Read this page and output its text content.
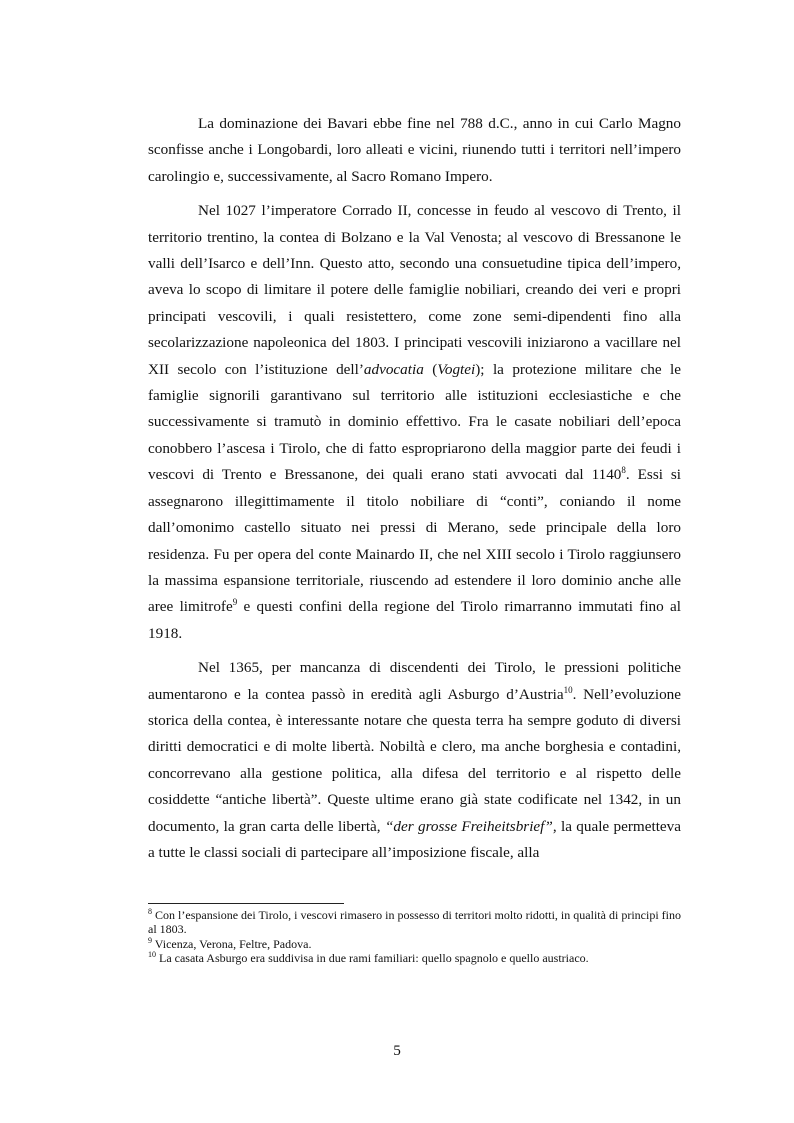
La dominazione dei Bavari ebbe fine nel 788 d.C., anno in cui Carlo Magno sconfisse anche i Longobardi, loro alleati e vicini, riunendo tutti i territori nell’impero carolingio e, successivamente, al Sacro Romano Impero.

Nel 1027 l’imperatore Corrado II, concesse in feudo al vescovo di Trento, il territorio trentino, la contea di Bolzano e la Val Venosta; al vescovo di Bressanone le valli dell’Isarco e dell’Inn. Questo atto, secondo una consuetudine tipica dell’impero, aveva lo scopo di limitare il potere delle famiglie nobiliari, creando dei veri e propri principati vescovili, i quali resistettero, come zone semi-dipendenti fino alla secolarizzazione napoleonica del 1803. I principati vescovili iniziarono a vacillare nel XII secolo con l’istituzione dell’advocatia (Vogtei); la protezione militare che le famiglie signorili garantivano sul territorio alle istituzioni ecclesiastiche e che successivamente si tramutò in dominio effettivo. Fra le casate nobiliari dell’epoca conobbero l’ascesa i Tirolo, che di fatto espropriarono della maggior parte dei feudi i vescovi di Trento e Bressanone, dei quali erano stati avvocati dal 1140$^8$. Essi si assegnarono illegittimamente il titolo nobiliare di “conti”, coniando il nome dall’omonimo castello situato nei pressi di Merano, sede principale della loro residenza. Fu per opera del conte Mainardo II, che nel XIII secolo i Tirolo raggiunsero la massima espansione territoriale, riuscendo ad estendere il loro dominio anche alle aree limitrofe$^9$ e questi confini della regione del Tirolo rimarranno immutati fino al 1918.

Nel 1365, per mancanza di discendenti dei Tirolo, le pressioni politiche aumentarono e la contea passò in eredità agli Asburgo d’Austria$^{10}$. Nell’evoluzione storica della contea, è interessante notare che questa terra ha sempre goduto di diversi diritti democratici e di molte libertà. Nobiltà e clero, ma anche borghesia e contadini, concorrevano alla gestione politica, alla difesa del territorio e al rispetto delle cosiddette “antiche libertà”. Queste ultime erano già state codificate nel 1342, in un documento, la gran carta delle libertà, “der grosse Freiheitsbrief”, la quale permetteva a tutte le classi sociali di partecipare all’imposizione fiscale, alla

$^8$ Con l’espansione dei Tirolo, i vescovi rimasero in possesso di territori molto ridotti, in qualità di principi fino al 1803.

$^9$ Vicenza, Verona, Feltre, Padova.

$^{10}$ La casata Asburgo era suddivisa in due rami familiari: quello spagnolo e quello austriaco.

5
